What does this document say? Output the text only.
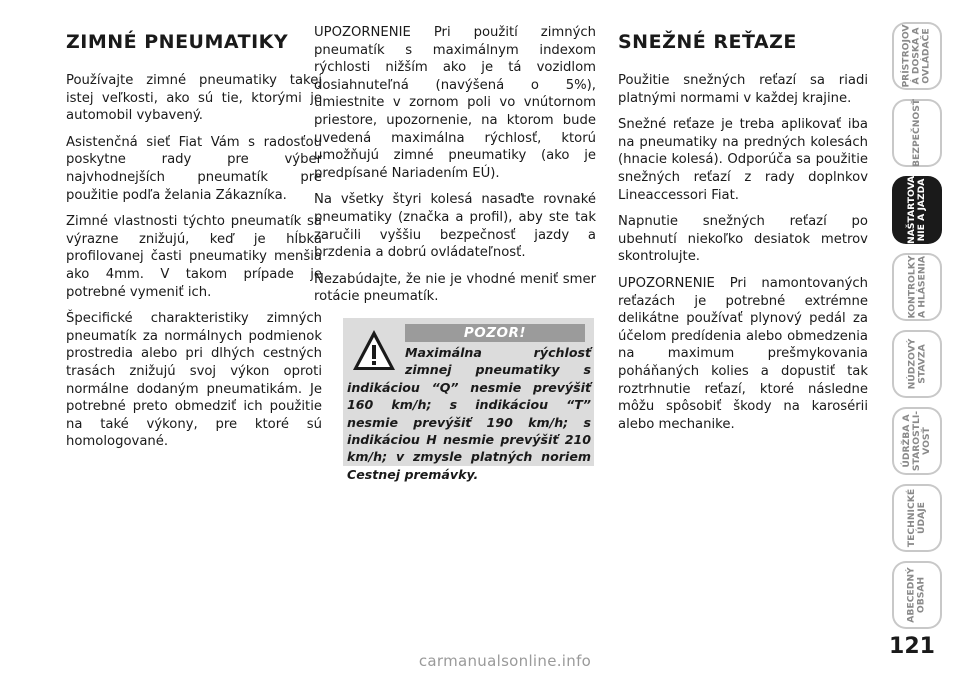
ZIMNÉ PNEUMATIKY

Používajte zimné pneumatiky takej istej veľkosti, ako sú tie, ktorými je automobil vybavený.

Asistenčná sieť Fiat Vám s radosťou poskytne rady pre výber najvhodnejších pneumatík pre použitie podľa želania Zákazníka.

Zimné vlastnosti týchto pneumatík sa výrazne znižujú, keď je hĺbka profilovanej časti pneumatiky menšia ako 4mm. V takom prípade je potrebné vymeniť ich.

Špecifické charakteristiky zimných pneumatík za normálnych podmienok prostredia alebo pri dlhých cestných trasách znižujú svoj výkon oproti normálne dodaným pneumatikám. Je potrebné preto obmedziť ich použitie na také výkony, pre ktoré sú homologované.

UPOZORNENIE Pri použití zimných pneumatík s maximálnym indexom rýchlosti nižším ako je tá vozidlom dosiahnuteľná (navýšená o 5%), umiestnite v zornom poli vo vnútornom priestore, upozornenie, na ktorom bude uvedená maximálna rýchlosť, ktorú umožňujú zimné pneumatiky (ako je predpísané Nariadením EÚ).

Na všetky štyri kolesá nasaďte rovnaké pneumatiky (značka a profil), aby ste tak zaručili vyššiu bezpečnosť jazdy a brzdenia a dobrú ovládateľnosť.

Nezabúdajte, že nie je vhodné meniť smer rotácie pneumatík.

POZOR!
Maximálna rýchlosť zimnej pneumatiky s indikáciou “Q” nesmie prevýšiť 160 km/h; s indikáciou “T” nesmie prevýšiť 190 km/h; s indikáciou H nesmie prevýšiť 210 km/h; v zmysle platných noriem Cestnej premávky.
SNEŽNÉ REŤAZE

Použitie snežných reťazí sa riadi platnými normami v každej krajine.

Snežné reťaze je treba aplikovať iba na pneumatiky na predných kolesách (hnacie kolesá). Odporúča sa použitie snežných reťazí z rady doplnkov Lineaccessori Fiat.

Napnutie snežných reťazí po ubehnutí niekoľko desiatok metrov skontrolujte.

UPOZORNENIE Pri namontovaných reťazách je potrebné extrémne delikátne používať plynový pedál za účelom predídenia alebo obmedzenia na maximum prešmykovania poháňaných kolies a dopustiť tak roztrhnutie reťazí, ktoré následne môžu spôsobiť škody na karosérii alebo mechanike.

PRÍSTROJOV
Á DOSKA A
OVLÁDAČE
BEZPEČNOSŤ
NAŠTARTOVA-
NIE A JAZDA
KONTROLKY
A HLÁSENIA
NÚDZOVÝ
STAVZA
ÚDRŽBA A
STAROSTLI-
VOSŤ
TECHNICKÉ
ÚDAJE
ABECEDNÝ
OBSAH
121
carmanualsonline.info
